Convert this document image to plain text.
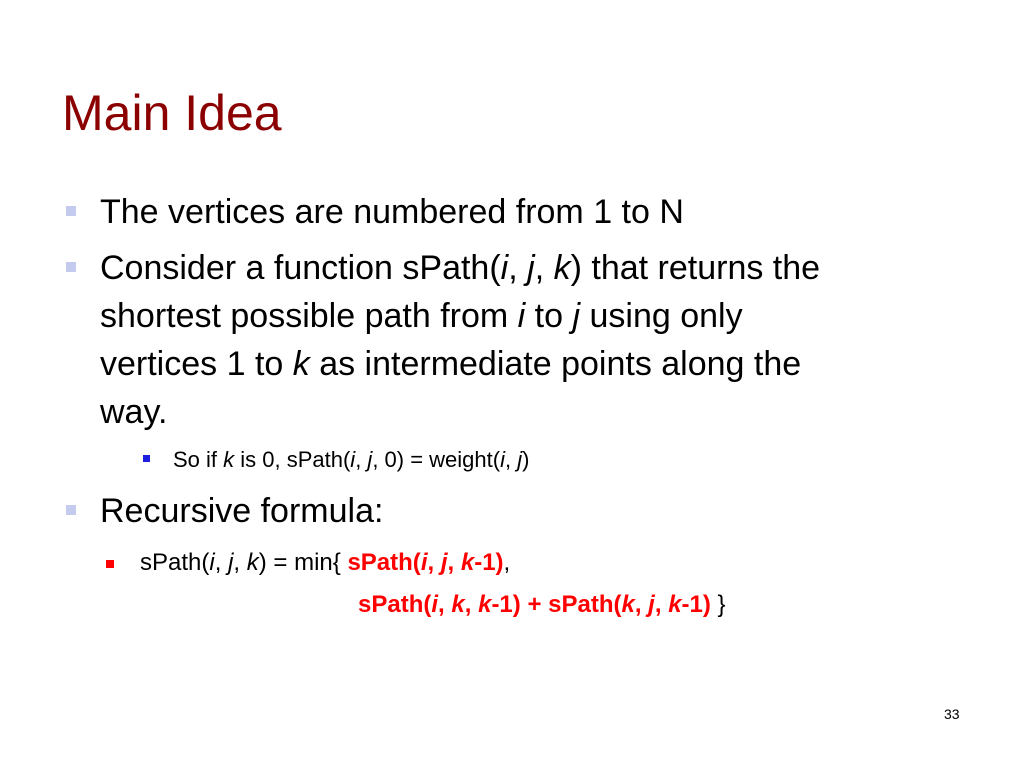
Main Idea
The vertices are numbered from 1 to N
Consider a function sPath(i, j, k) that returns the
shortest possible path from i to j using only
vertices 1 to k as intermediate points along the
way.
So if k is 0, sPath(i, j, 0) = weight(i, j)
Recursive formula:
sPath(i, j, k) = min{ sPath(i, j, k-1),
sPath(i, k, k-1) + sPath(k, j, k-1) }
33
